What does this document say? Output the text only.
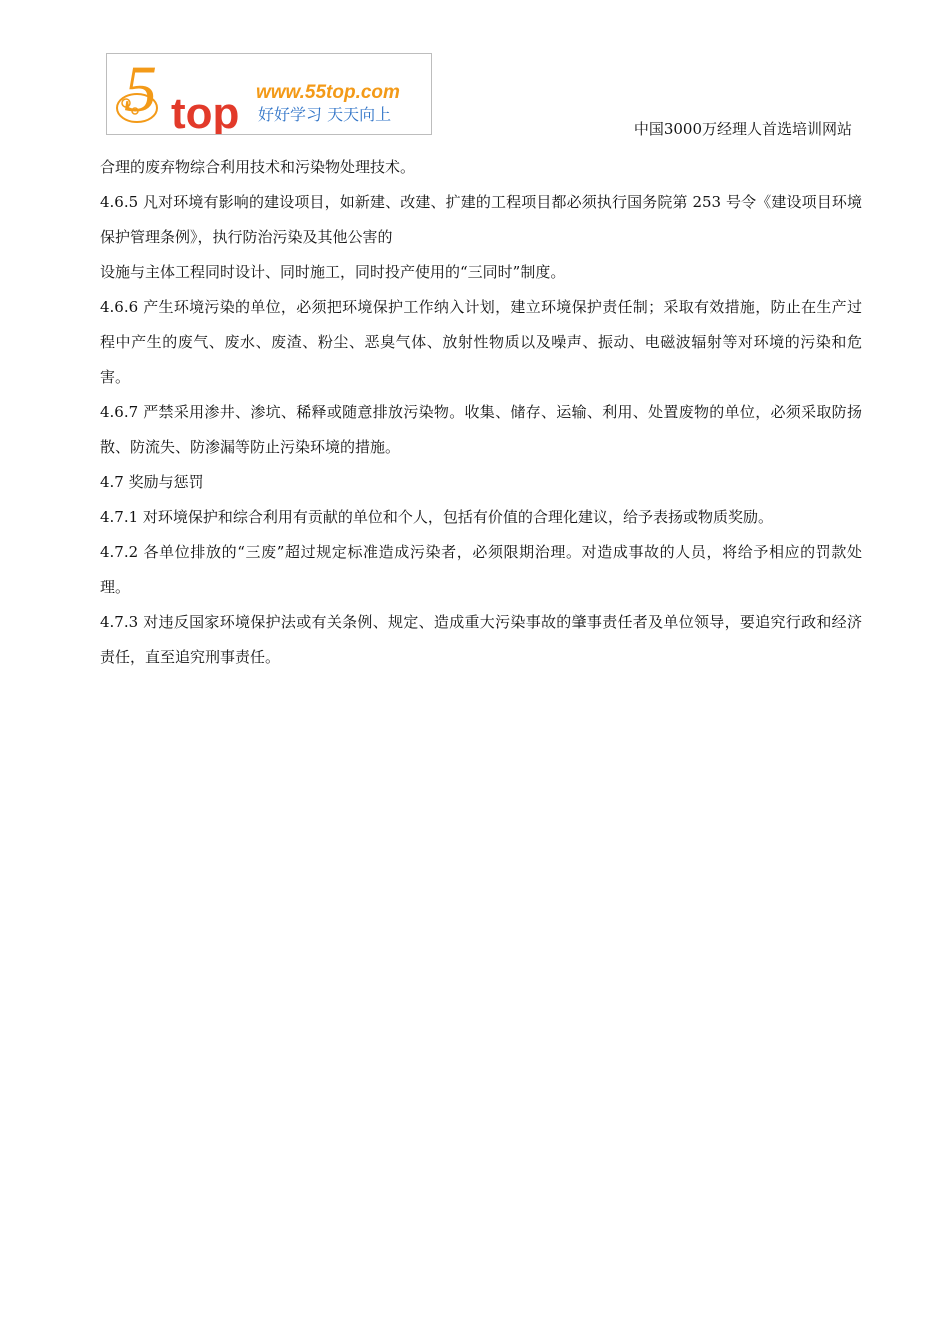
5 top www.55top.com
好好学习 天天向上
中国3000万经理人首选培训网站

合理的废弃物综合利用技术和污染物处理技术。

4.6.5 凡对环境有影响的建设项目，如新建、改建、扩建的工程项目都必须执行国务院第 253 号令《建设项目环境保护管理条例》，执行防治污染及其他公害的

设施与主体工程同时设计、同时施工，同时投产使用的“三同时”制度。

4.6.6 产生环境污染的单位，必须把环境保护工作纳入计划，建立环境保护责任制；采取有效措施，防止在生产过程中产生的废气、废水、废渣、粉尘、恶臭气体、放射性物质以及噪声、振动、电磁波辐射等对环境的污染和危害。

4.6.7 严禁采用渗井、渗坑、稀释或随意排放污染物。收集、储存、运输、利用、处置废物的单位，必须采取防扬散、防流失、防渗漏等防止污染环境的措施。

4.7 奖励与惩罚

4.7.1 对环境保护和综合利用有贡献的单位和个人，包括有价值的合理化建议，给予表扬或物质奖励。

4.7.2 各单位排放的“三废”超过规定标准造成污染者，必须限期治理。对造成事故的人员，将给予相应的罚款处理。

4.7.3 对违反国家环境保护法或有关条例、规定、造成重大污染事故的肇事责任者及单位领导，要追究行政和经济责任，直至追究刑事责任。
